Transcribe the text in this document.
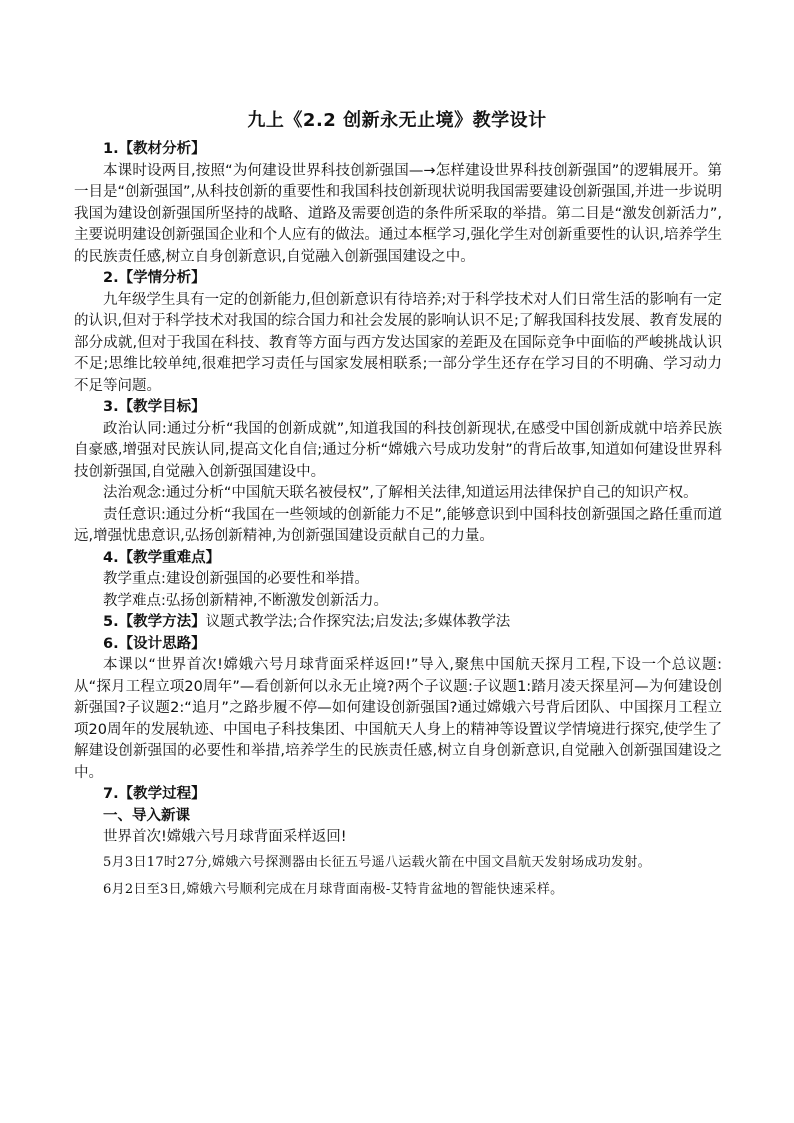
九上《2.2 创新永无止境》教学设计

1.【教材分析】

本课时设两目,按照“为何建设世界科技创新强国—→怎样建设世界科技创新强国”的逻辑展开。第一目是“创新强国”,从科技创新的重要性和我国科技创新现状说明我国需要建设创新强国,并进一步说明我国为建设创新强国所坚持的战略、道路及需要创造的条件所采取的举措。第二目是“激发创新活力”,主要说明建设创新强国企业和个人应有的做法。通过本框学习,强化学生对创新重要性的认识,培养学生的民族责任感,树立自身创新意识,自觉融入创新强国建设之中。

2.【学情分析】

九年级学生具有一定的创新能力,但创新意识有待培养;对于科学技术对人们日常生活的影响有一定的认识,但对于科学技术对我国的综合国力和社会发展的影响认识不足;了解我国科技发展、教育发展的部分成就,但对于我国在科技、教育等方面与西方发达国家的差距及在国际竞争中面临的严峻挑战认识不足;思维比较单纯,很难把学习责任与国家发展相联系;一部分学生还存在学习目的不明确、学习动力不足等问题。

3.【教学目标】

政治认同:通过分析“我国的创新成就”,知道我国的科技创新现状,在感受中国创新成就中培养民族自豪感,增强对民族认同,提高文化自信;通过分析“嫦娥六号成功发射”的背后故事,知道如何建设世界科技创新强国,自觉融入创新强国建设中。

法治观念:通过分析“中国航天联名被侵权”,了解相关法律,知道运用法律保护自己的知识产权。

责任意识:通过分析“我国在一些领域的创新能力不足”,能够意识到中国科技创新强国之路任重而道远,增强忧患意识,弘扬创新精神,为创新强国建设贡献自己的力量。

4.【教学重难点】

教学重点:建设创新强国的必要性和举措。

教学难点:弘扬创新精神,不断激发创新活力。

5.【教学方法】议题式教学法;合作探究法;启发法;多媒体教学法

6.【设计思路】

本课以“世界首次!嫦娥六号月球背面采样返回!”导入,聚焦中国航天探月工程,下设一个总议题:从“探月工程立项20周年”—看创新何以永无止境?两个子议题:子议题1:踏月凌天探星河—为何建设创新强国?子议题2:“追月”之路步履不停—如何建设创新强国?通过嫦娥六号背后团队、中国探月工程立项20周年的发展轨迹、中国电子科技集团、中国航天人身上的精神等设置议学情境进行探究,使学生了解建设创新强国的必要性和举措,培养学生的民族责任感,树立自身创新意识,自觉融入创新强国建设之中。

7.【教学过程】

一、导入新课

世界首次!嫦娥六号月球背面采样返回!

5月3日17时27分,嫦娥六号探测器由长征五号遥八运载火箭在中国文昌航天发射场成功发射。

6月2日至3日,嫦娥六号顺利完成在月球背面南极-艾特肯盆地的智能快速采样。
